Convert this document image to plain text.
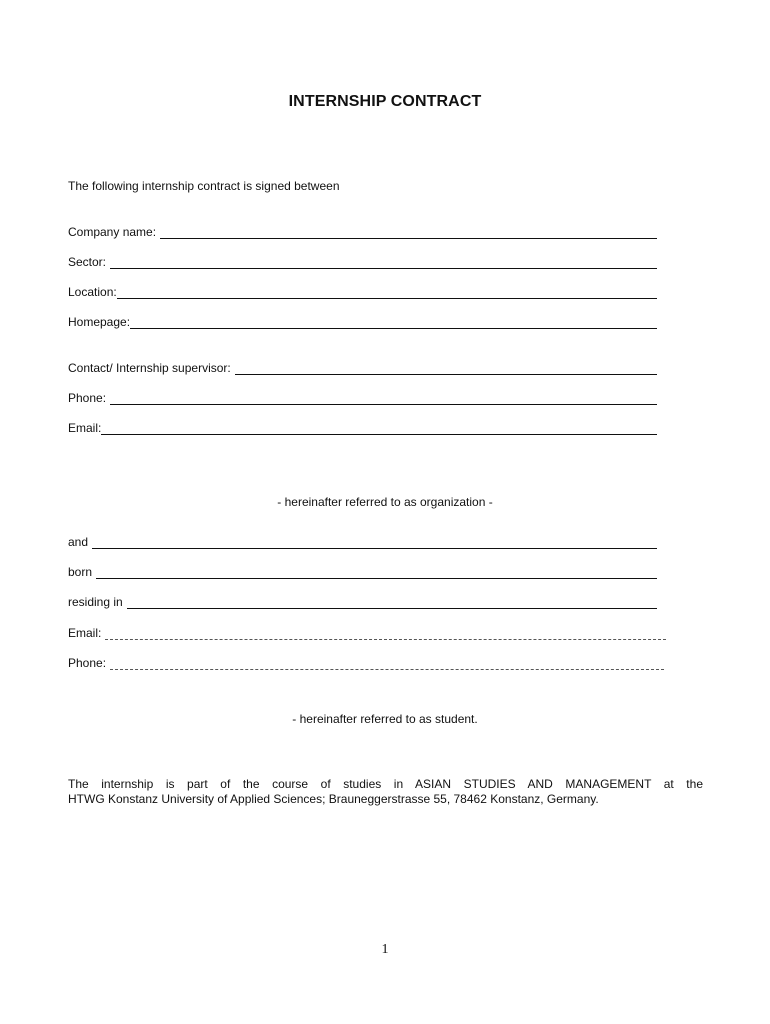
INTERNSHIP CONTRACT
The following internship contract is signed between
Company name:
Sector:
Location:
Homepage:
Contact/ Internship supervisor:
Phone:
Email:
- hereinafter referred to as organization -
and
born
residing in
Email:
Phone:
- hereinafter referred to as student.
The internship is part of the course of studies in ASIAN STUDIES AND MANAGEMENT at the
HTWG Konstanz University of Applied Sciences; Brauneggerstrasse 55, 78462 Konstanz, Germany.
1
